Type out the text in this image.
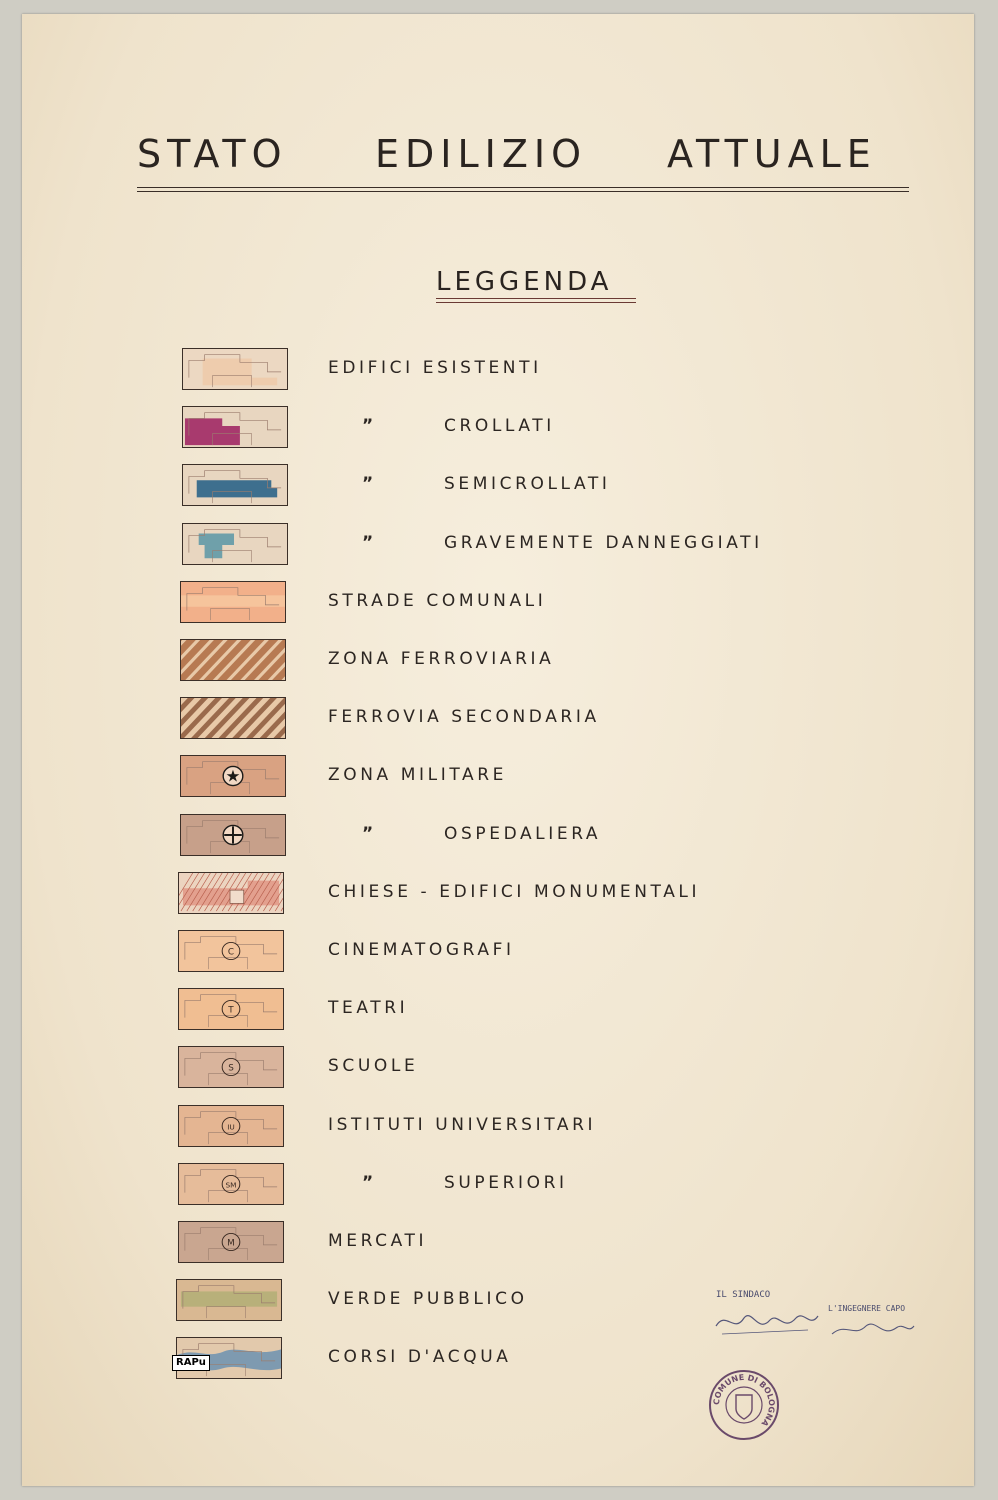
STATO EDILIZIO ATTUALE
LEGGENDA
EDIFICI ESISTENTI
”	CROLLATI
”	SEMICROLLATI
”	GRAVEMENTE DANNEGGIATI
STRADE COMUNALI
ZONA FERROVIARIA
FERROVIA SECONDARIA
★	ZONA MILITARE
”	OSPEDALIERA
CHIESE - EDIFICI MONUMENTALI
C	CINEMATOGRAFI
T	TEATRI
S	SCUOLE
IU	ISTITUTI UNIVERSITARI
SM	”	SUPERIORI
M	MERCATI
VERDE PUBBLICO
CORSI D'ACQUA
RAPu
IL SINDACO
L'INGEGNERE CAPO
COMUNE DI BOLOGNA
